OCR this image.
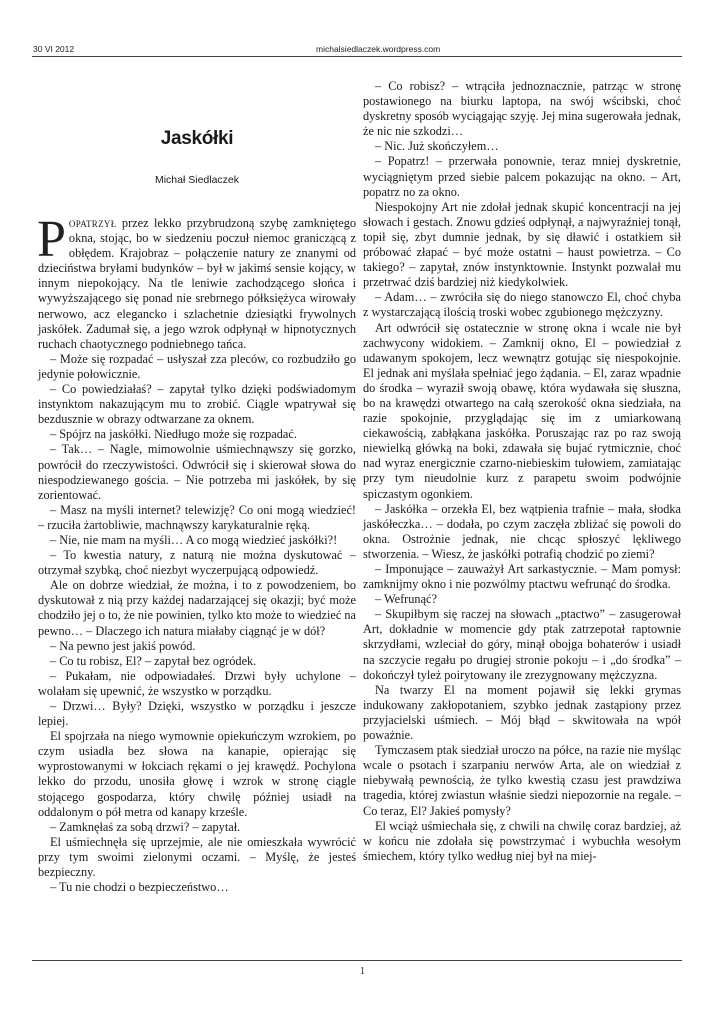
30 VI 2012	michalsiedlaczek.wordpress.com
Jaskółki
Michał Siedlaczek

Popatrzył przez lekko przybrudzoną szybę zamkniętego okna, stojąc, bo w siedzeniu poczuł niemoc graniczącą z obłędem. Krajobraz – połączenie natury ze znanymi od dzieciństwa bryłami budynków – był w jakimś sensie kojący, w innym niepokojący. Na tle leniwie zachodzącego słońca i wywyższającego się ponad nie srebrnego półksiężyca wirowały nerwowo, acz elegancko i szlachetnie dziesiątki frywolnych jaskółek. Zadumał się, a jego wzrok odpłynął w hipnotycznych ruchach chaotycznego podniebnego tańca.

– Może się rozpadać – usłyszał zza pleców, co rozbudziło go jedynie połowicznie.

– Co powiedziałaś? – zapytał tylko dzięki podświadomym instynktom nakazującym mu to zrobić. Ciągle wpatrywał się bezdusznie w obrazy odtwarzane za oknem.

– Spójrz na jaskółki. Niedługo może się rozpadać.

– Tak… – Nagle, mimowolnie uśmiechnąwszy się gorzko, powrócił do rzeczywistości. Odwrócił się i skierował słowa do niespodziewanego gościa. – Nie potrzeba mi jaskółek, by się zorientować.

– Masz na myśli internet? telewizję? Co oni mogą wiedzieć! – rzuciła żartobliwie, machnąwszy karykaturalnie ręką.

– Nie, nie mam na myśli… A co mogą wiedzieć jaskółki?!

– To kwestia natury, z naturą nie można dyskutować – otrzymał szybką, choć niezbyt wyczerpującą odpowiedź.

Ale on dobrze wiedział, że można, i to z powodzeniem, bo dyskutował z nią przy każdej nadarzającej się okazji; być może chodziło jej o to, że nie powinien, tylko kto może to wiedzieć na pewno… – Dlaczego ich natura miałaby ciągnąć je w dół?

– Na pewno jest jakiś powód.

– Co tu robisz, El? – zapytał bez ogródek.

– Pukałam, nie odpowiadałeś. Drzwi były uchylone – wolałam się upewnić, że wszystko w porządku.

– Drzwi… Były? Dzięki, wszystko w porządku i jeszcze lepiej.

El spojrzała na niego wymownie opiekuńczym wzrokiem, po czym usiadła bez słowa na kanapie, opierając się wyprostowanymi w łokciach rękami o jej krawędź. Pochylona lekko do przodu, unosiła głowę i wzrok w stronę ciągle stojącego gospodarza, który chwilę później usiadł na oddalonym o pół metra od kanapy krześle.

– Zamknęłaś za sobą drzwi? – zapytał.

El uśmiechnęła się uprzejmie, ale nie omieszkała wywrócić przy tym swoimi zielonymi oczami. – Myślę, że jesteś bezpieczny.

– Tu nie chodzi o bezpieczeństwo…

– Co robisz? – wtrąciła jednoznacznie, patrząc w stronę postawionego na biurku laptopa, na swój wścibski, choć dyskretny sposób wyciągając szyję. Jej mina sugerowała jednak, że nic nie szkodzi…

– Nic. Już skończyłem…

– Popatrz! – przerwała ponownie, teraz mniej dyskretnie, wyciągniętym przed siebie palcem pokazując na okno. – Art, popatrz no za okno.

Niespokojny Art nie zdołał jednak skupić koncentracji na jej słowach i gestach. Znowu gdzieś odpłynął, a najwyraźniej tonął, topił się, zbyt dumnie jednak, by się dławić i ostatkiem sił próbować złapać – być może ostatni – haust powietrza. – Co takiego? – zapytał, znów instynktownie. Instynkt pozwalał mu przetrwać dziś bardziej niż kiedykolwiek.

– Adam… – zwróciła się do niego stanowczo El, choć chyba z wystarczającą ilością troski wobec zgubionego mężczyzny.

Art odwrócił się ostatecznie w stronę okna i wcale nie był zachwycony widokiem. – Zamknij okno, El – powiedział z udawanym spokojem, lecz wewnątrz gotując się niespokojnie. El jednak ani myślała spełniać jego żądania. – El, zaraz wpadnie do środka – wyraził swoją obawę, która wydawała się słuszna, bo na krawędzi otwartego na całą szerokość okna siedziała, na razie spokojnie, przyglądając się im z umiarkowaną ciekawością, zabłąkana jaskółka. Poruszając raz po raz swoją niewielką główką na boki, zdawała się bujać rytmicznie, choć nad wyraz energicznie czarno-niebieskim tułowiem, zamiatając przy tym nieudolnie kurz z parapetu swoim podwójnie spiczastym ogonkiem.

– Jaskółka – orzekła El, bez wątpienia trafnie – mała, słodka jaskółeczka… – dodała, po czym zaczęła zbliżać się powoli do okna. Ostrożnie jednak, nie chcąc spłoszyć lękliwego stworzenia. – Wiesz, że jaskółki potrafią chodzić po ziemi?

– Imponujące – zauważył Art sarkastycznie. – Mam pomysł: zamknijmy okno i nie pozwólmy ptactwu wefrunąć do środka.

– Wefrunąć?

– Skupiłbym się raczej na słowach „ptactwo” – zasugerował Art, dokładnie w momencie gdy ptak zatrzepotał raptownie skrzydłami, wzleciał do góry, minął obojga bohaterów i usiadł na szczycie regału po drugiej stronie pokoju – i „do środka” – dokończył tyleż poirytowany ile zrezygnowany mężczyzna.

Na twarzy El na moment pojawił się lekki grymas indukowany zakłopotaniem, szybko jednak zastąpiony przez przyjacielski uśmiech. – Mój błąd – skwitowała na wpół poważnie.

Tymczasem ptak siedział uroczo na półce, na razie nie myśląc wcale o psotach i szarpaniu nerwów Arta, ale on wiedział z niebywałą pewnością, że tylko kwestią czasu jest prawdziwa tragedia, której zwiastun właśnie siedzi niepozornie na regale. – Co teraz, El? Jakieś pomysły?

El wciąż uśmiechała się, z chwili na chwilę coraz bardziej, aż w końcu nie zdołała się powstrzymać i wybuchła wesołym śmiechem, który tylko według niej był na miej-

1
